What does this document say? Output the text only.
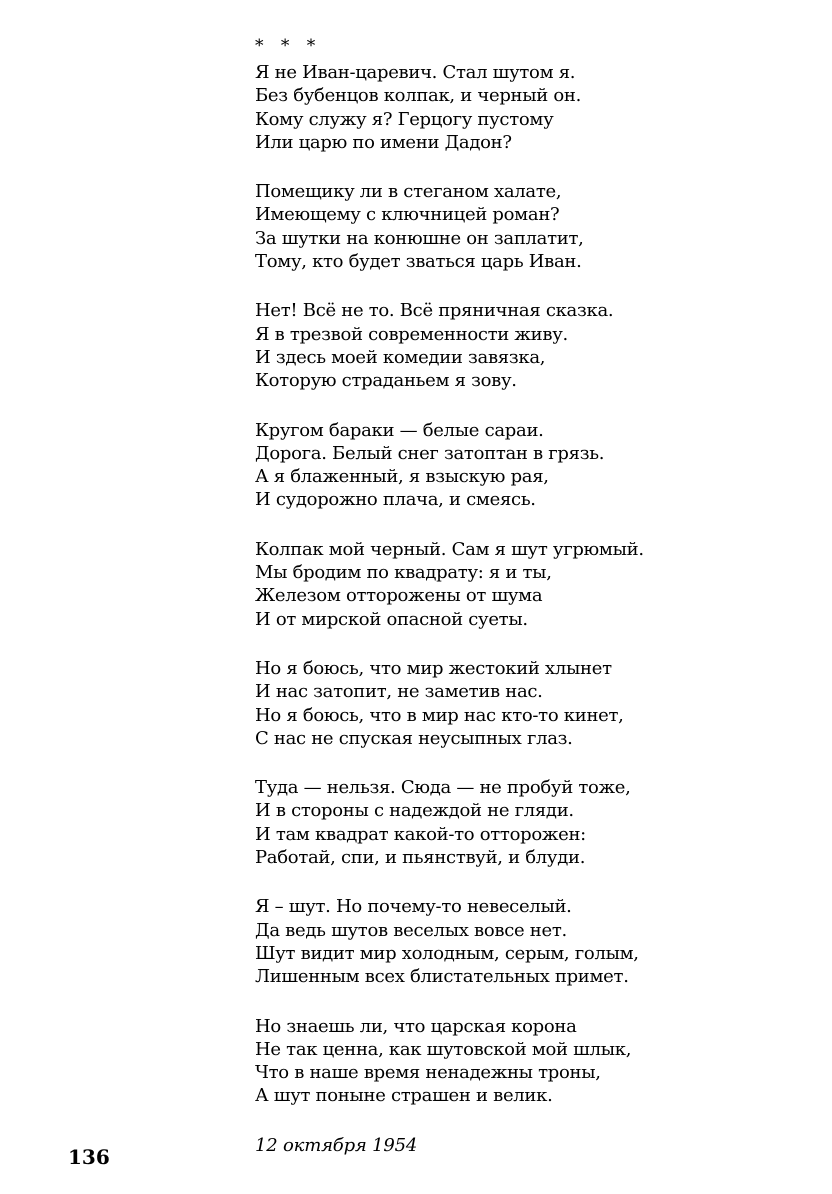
* * *
Я не Иван-царевич. Стал шутом я.
Без бубенцов колпак, и черный он.
Кому служу я? Герцогу пустому
Или царю по имени Дадон?
Помещику ли в стеганом халате,
Имеющему с ключницей роман?
За шутки на конюшне он заплатит,
Тому, кто будет зваться царь Иван.
Нет! Всё не то. Всё пряничная сказка.
Я в трезвой современности живу.
И здесь моей комедии завязка,
Которую страданьем я зову.
Кругом бараки — белые сараи.
Дорога. Белый снег затоптан в грязь.
А я блаженный, я взыскую рая,
И судорожно плача, и смеясь.
Колпак мой черный. Сам я шут угрюмый.
Мы бродим по квадрату: я и ты,
Железом отторожены от шума
И от мирской опасной суеты.
Но я боюсь, что мир жестокий хлынет
И нас затопит, не заметив нас.
Но я боюсь, что в мир нас кто-то кинет,
С нас не спуская неусыпных глаз.
Туда — нельзя. Сюда — не пробуй тоже,
И в стороны с надеждой не гляди.
И там квадрат какой-то отторожен:
Работай, спи, и пьянствуй, и блуди.
Я – шут. Но почему-то невеселый.
Да ведь шутов веселых вовсе нет.
Шут видит мир холодным, серым, голым,
Лишенным всех блистательных примет.
Но знаешь ли, что царская корона
Не так ценна, как шутовской мой шлык,
Что в наше время ненадежны троны,
А шут поныне страшен и велик.
12 октября 1954
136
